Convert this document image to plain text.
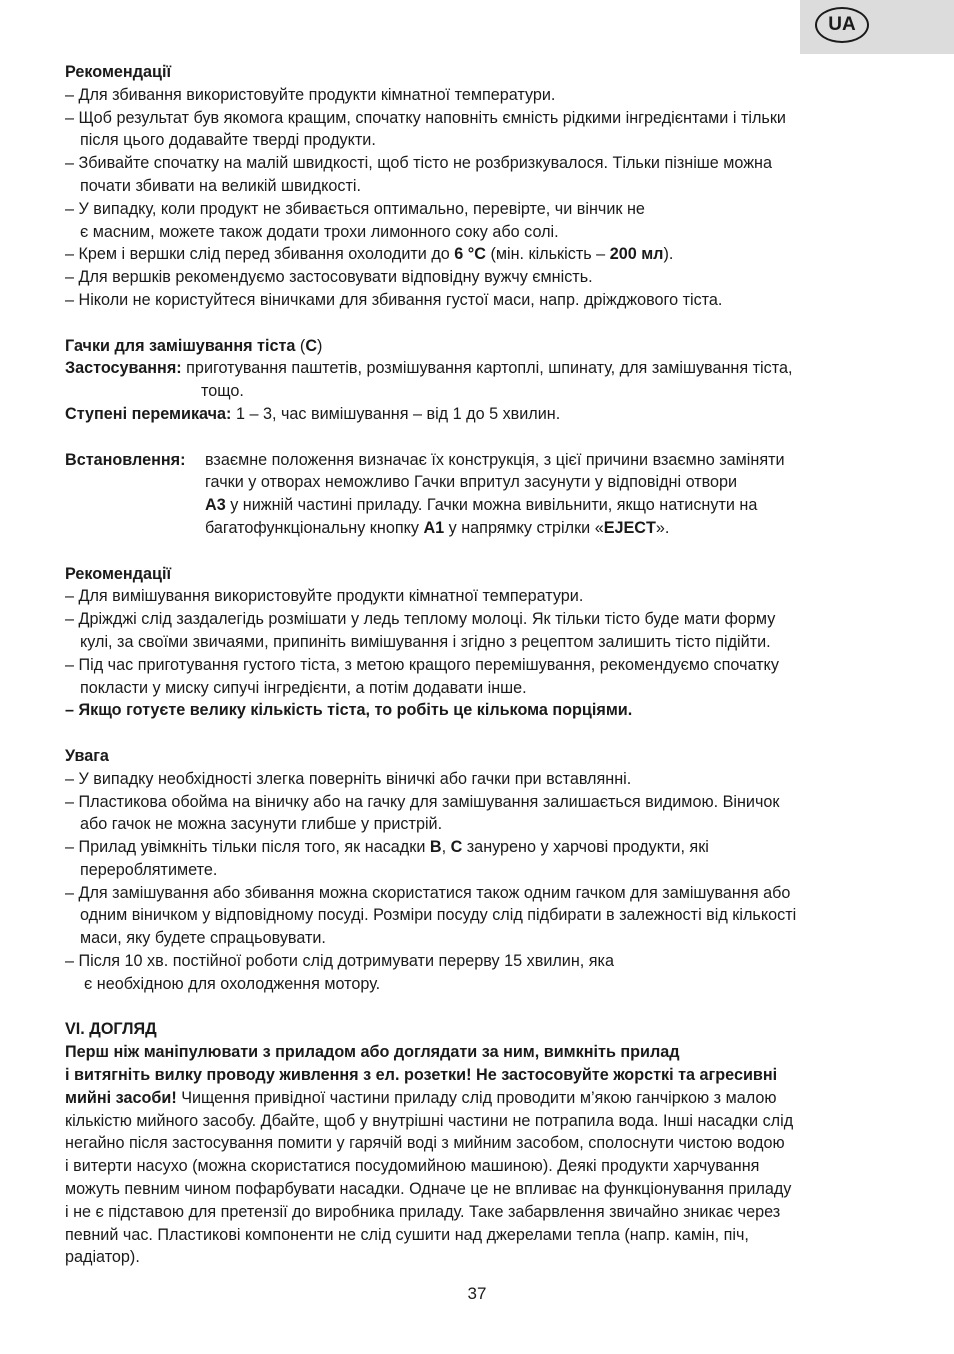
UA
Рекомендації
– Для збивання використовуйте продукти кімнатної температури.
– Щоб результат був якомога кращим, спочатку наповніть ємність рідкими інгредієнтами і тільки
після цього додавайте тверді продукти.
– Збивайте спочатку на малій швидкості, щоб тісто не розбризкувалося. Тільки пізніше можна
почати збивати на великій швидкості.
– У випадку, коли продукт не збивається оптимально, перевірте, чи вінчик не
є масним, можете також додати трохи лимонного соку або солі.
– Крем і вершки слід перед збивання охолодити до 6 °C (мін. кількість – 200 мл).
– Для вершків рекомендуємо застосовувати відповідну вужчу ємність.
– Ніколи не користуйтеся віничками для збивання густої маси, напр. дріжджового тіста.
Гачки для замішування тіста (C)
Застосування: приготування паштетів, розмішування картоплі, шпинату, для замішування тіста,
тощо.
Ступені перемикача: 1 – 3, час вимішування – від 1 до 5 хвилин.
Встановлення:	взаємне положення визначає їх конструкція, з цієї причини взаємно заміняти
гачки у отворах неможливо Гачки впритул засунути у відповідні отвори
A3 у нижній частині приладу. Гачки можна вивільнити, якщо натиснути на
багатофункціональну кнопку A1 у напрямку стрілки «EJECT».
Рекомендації
– Для вимішування використовуйте продукти кімнатної температури.
– Дріжджі слід заздалегідь розмішати у ледь теплому молоці. Як тільки тісто буде мати форму
кулі, за своїми звичаями, припиніть вимішування і згідно з рецептом залишить тісто підійти.
– Під час приготування густого тіста, з метою кращого перемішування, рекомендуємо спочатку
покласти у миску сипучі інгредієнти, а потім додавати інше.
– Якщо готуєте велику кількість тіста, то робіть це кількома порціями.
Увага
– У випадку необхідності злегка поверніть віничкі або гачки при вставлянні.
– Пластикова обойма на віничку або на гачку для замішування залишається видимою. Віничок
або гачок не можна засунути глибше у пристрій.
– Прилад увімкніть тільки після того, як насадки B, C занурено у харчові продукти, які
перероблятимете.
– Для замішування або збивання можна скористатися також одним гачком для замішування або
одним віничком у відповідному посуді. Розміри посуду слід підбирати в залежності від кількості
маси, яку будете спрацьовувати.
– Після 10 хв. постійної роботи слід дотримувати перерву 15 хвилин, яка
є необхідною для охолодження мотору.
VI. ДОГЛЯД
Перш ніж маніпулювати з приладом або доглядати за ним, вимкніть прилад
і витягніть вилку проводу живлення з ел. розетки! Не застосовуйте жорсткі та агресивні
мийні засоби! Чищення привідної частини приладу слід проводити м’якою ганчіркою з малою
кількістю мийного засобу. Дбайте, щоб у внутрішні частини не потрапила вода. Інші насадки слід
негайно після застосування помити у гарячій воді з мийним засобом, сполоснути чистою водою
і витерти насухо (можна скористатися посудомийною машиною). Деякі продукти харчування
можуть певним чином пофарбувати насадки. Одначе це не впливає на функціонування приладу
і не є підставою для претензії до виробника приладу. Таке забарвлення звичайно зникає через
певний час. Пластикові компоненти не слід сушити над джерелами тепла (напр. камін, піч,
радіатор).
37
